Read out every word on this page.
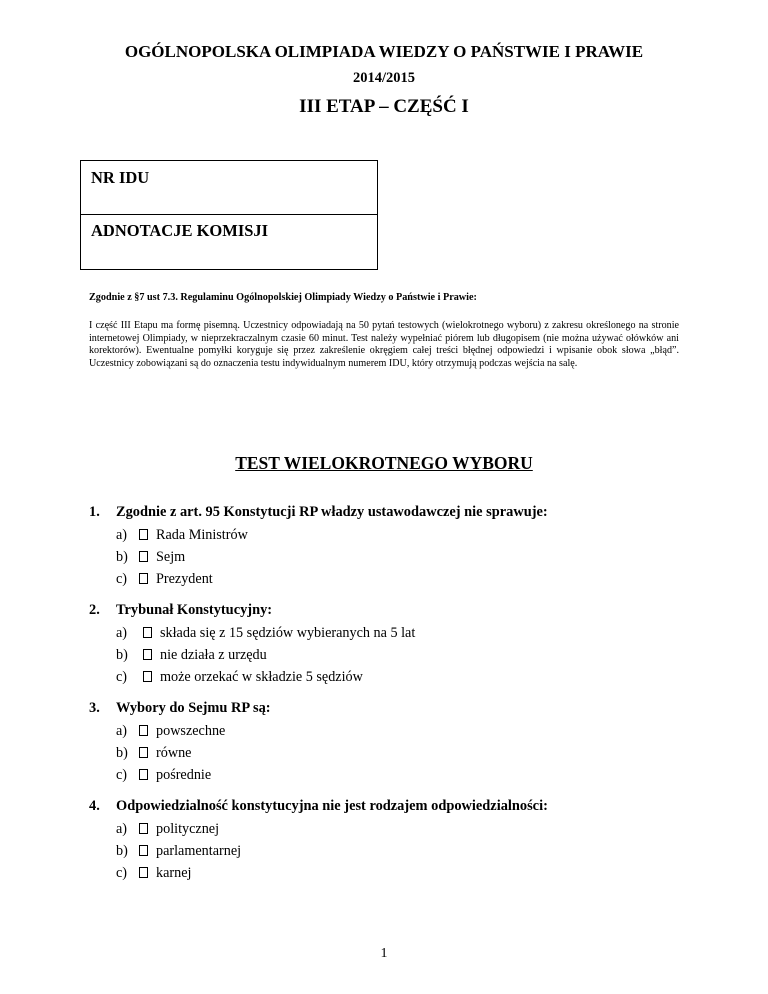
OGÓLNOPOLSKA OLIMPIADA WIEDZY O PAŃSTWIE I PRAWIE
2014/2015
III ETAP – CZĘŚĆ I
NR IDU
ADNOTACJE KOMISJI
Zgodnie z §7 ust 7.3. Regulaminu Ogólnopolskiej Olimpiady Wiedzy o Państwie i Prawie:
I część III Etapu ma formę pisemną. Uczestnicy odpowiadają na 50 pytań testowych (wielokrotnego wyboru) z zakresu określonego na stronie internetowej Olimpiady, w nieprzekraczalnym czasie 60 minut. Test należy wypełniać piórem lub długopisem (nie można używać ołówków ani korektorów). Ewentualne pomyłki koryguje się przez zakreślenie okręgiem całej treści błędnej odpowiedzi i wpisanie obok słowa „błąd”. Uczestnicy zobowiązani są do oznaczenia testu indywidualnym numerem IDU, który otrzymują podczas wejścia na salę.
TEST WIELOKROTNEGO WYBORU
1. Zgodnie z art. 95 Konstytucji RP władzy ustawodawczej nie sprawuje:
a) Rada Ministrów
b) Sejm
c) Prezydent
2. Trybunał Konstytucyjny:
a) składa się z 15 sędziów wybieranych na 5 lat
b) nie działa z urzędu
c) może orzekać w składzie 5 sędziów
3. Wybory do Sejmu RP są:
a) powszechne
b) równe
c) pośrednie
4. Odpowiedzialność konstytucyjna nie jest rodzajem odpowiedzialności:
a) politycznej
b) parlamentarnej
c) karnej
1
